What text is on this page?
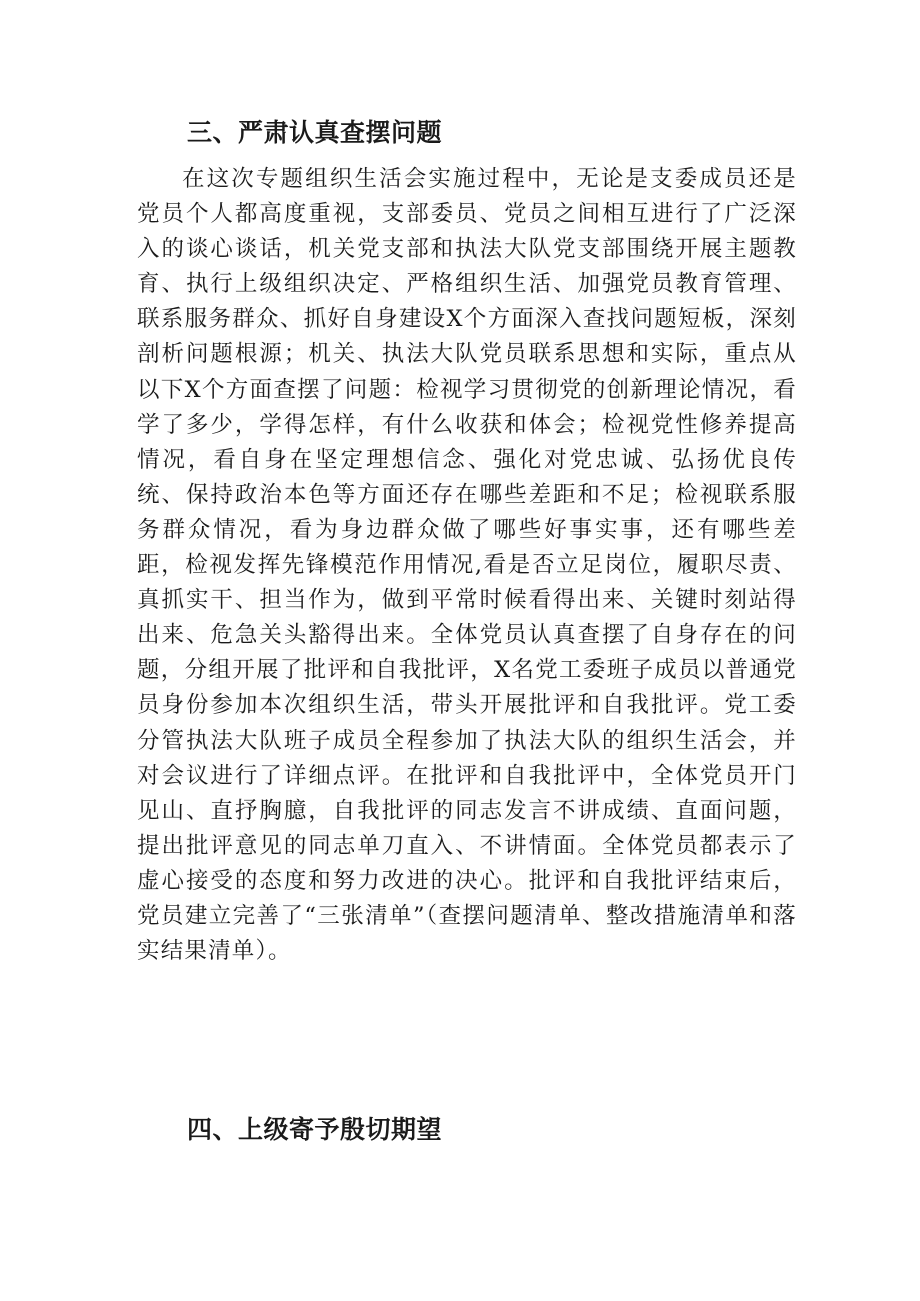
三、严肃认真查摆问题

在这次专题组织生活会实施过程中，无论是支委成员还是党员个人都高度重视，支部委员、党员之间相互进行了广泛深入的谈心谈话，机关党支部和执法大队党支部围绕开展主题教育、执行上级组织决定、严格组织生活、加强党员教育管理、联系服务群众、抓好自身建设X个方面深入查找问题短板，深刻剖析问题根源；机关、执法大队党员联系思想和实际，重点从以下X个方面查摆了问题：检视学习贯彻党的创新理论情况，看学了多少，学得怎样，有什么收获和体会；检视党性修养提高情况，看自身在坚定理想信念、强化对党忠诚、弘扬优良传统、保持政治本色等方面还存在哪些差距和不足；检视联系服务群众情况，看为身边群众做了哪些好事实事，还有哪些差距，检视发挥先锋模范作用情况,看是否立足岗位，履职尽责、真抓实干、担当作为，做到平常时候看得出来、关键时刻站得出来、危急关头豁得出来。全体党员认真查摆了自身存在的问题，分组开展了批评和自我批评，X名党工委班子成员以普通党员身份参加本次组织生活，带头开展批评和自我批评。党工委分管执法大队班子成员全程参加了执法大队的组织生活会，并对会议进行了详细点评。在批评和自我批评中，全体党员开门见山、直抒胸臆，自我批评的同志发言不讲成绩、直面问题，提出批评意见的同志单刀直入、不讲情面。全体党员都表示了虚心接受的态度和努力改进的决心。批评和自我批评结束后，党员建立完善了“三张清单”（查摆问题清单、整改措施清单和落实结果清单）。

四、上级寄予殷切期望
